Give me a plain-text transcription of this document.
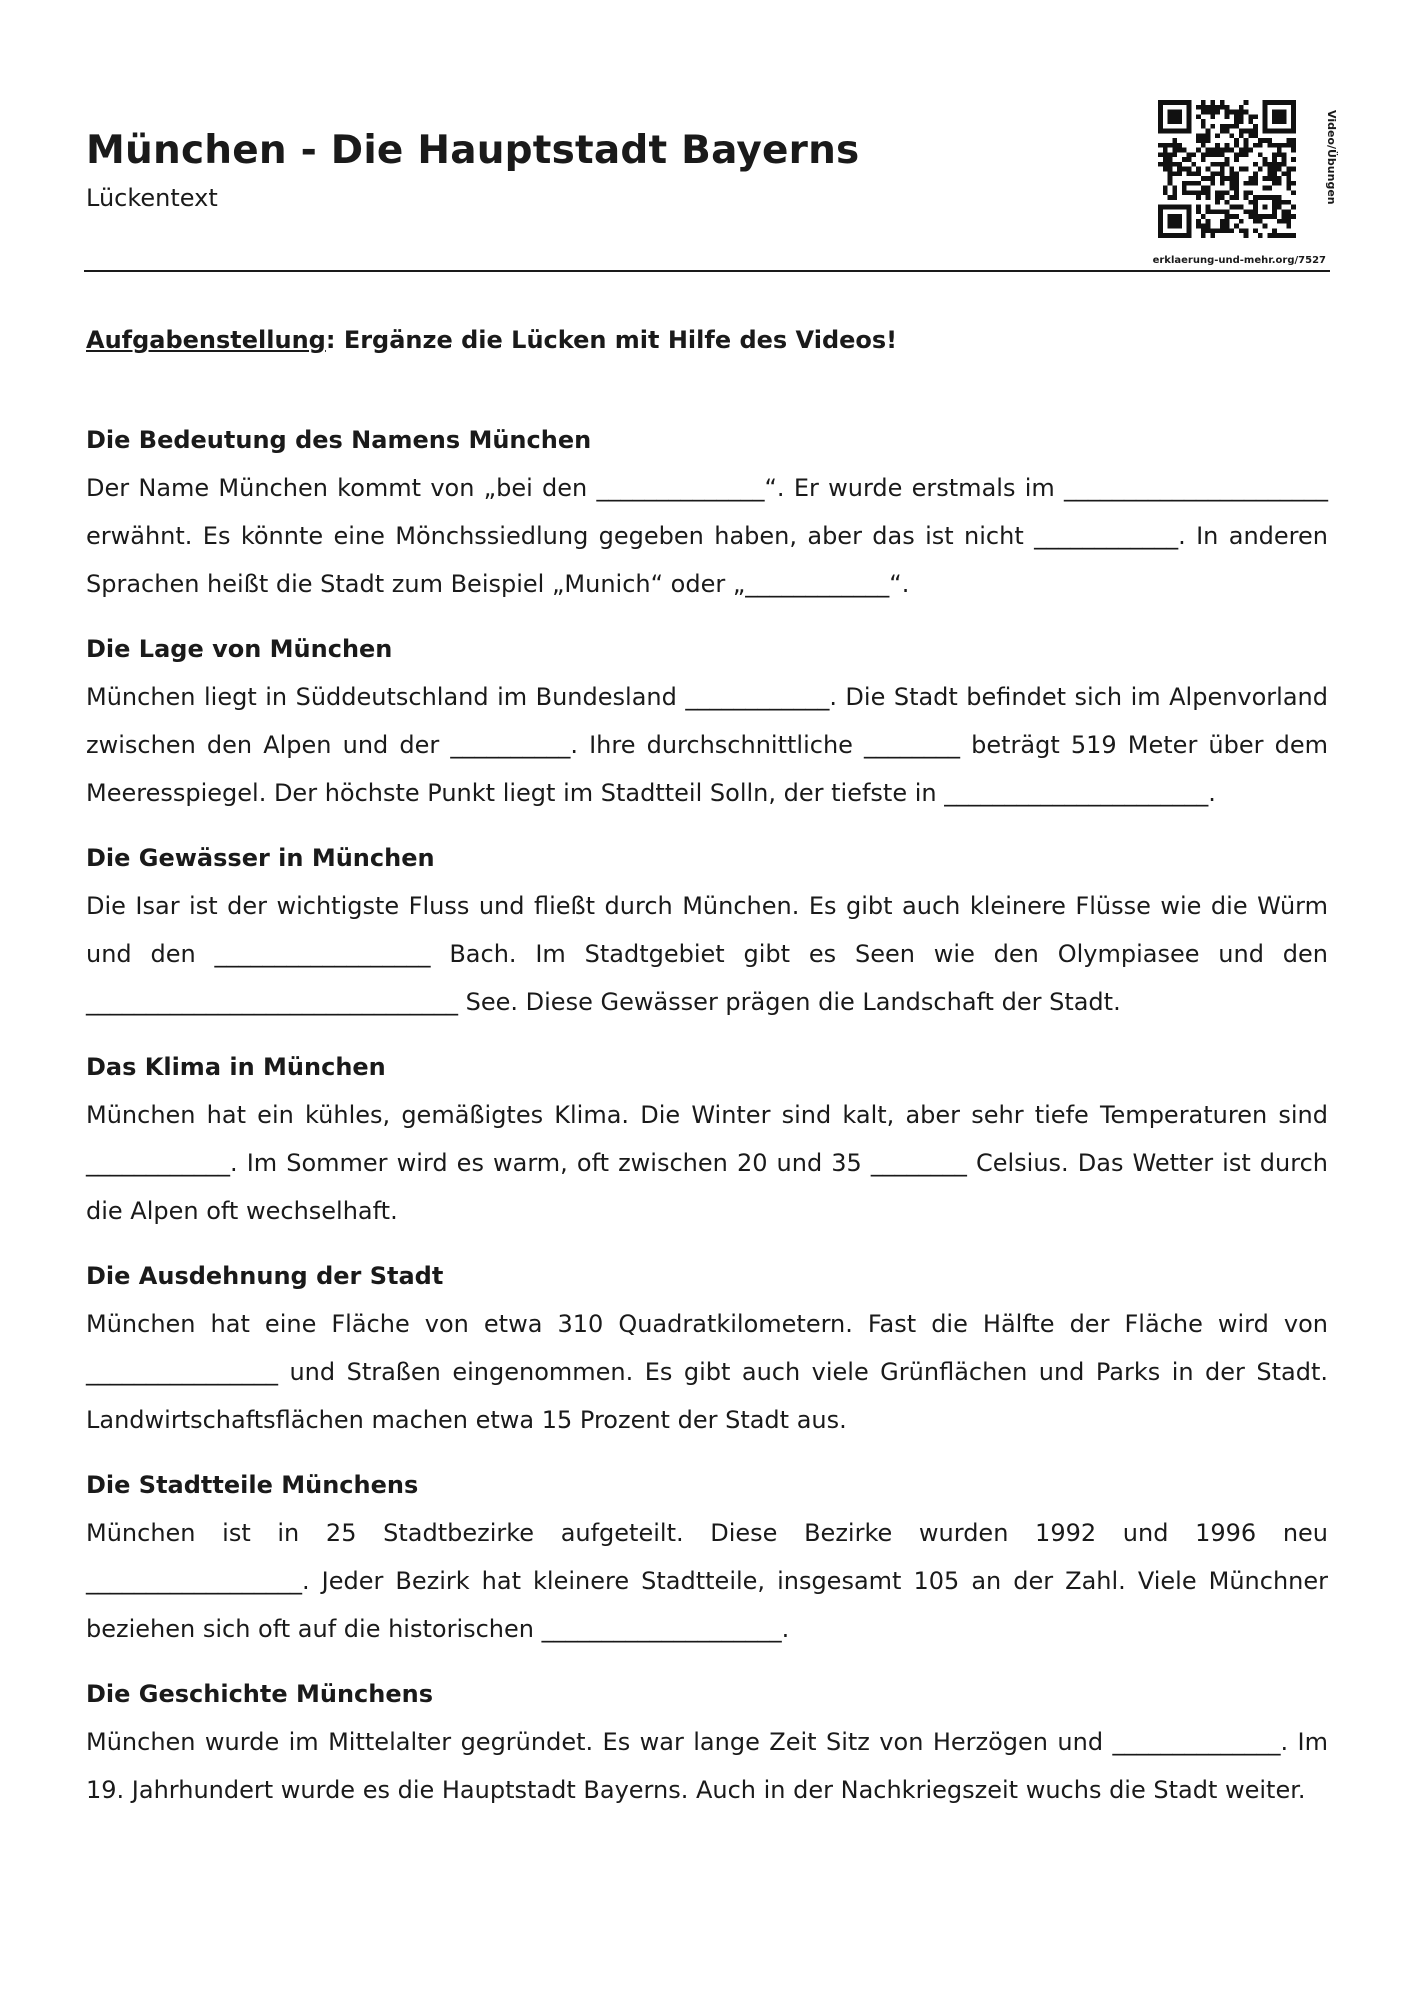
München - Die Hauptstadt Bayerns
Lückentext	Video/Übungen
erklaerung-und-mehr.org/7527
Aufgabenstellung: Ergänze die Lücken mit Hilfe des Videos!
Die Bedeutung des Namens München

Der Name München kommt von „bei den ______________“. Er wurde erstmals im ______________________ erwähnt. Es könnte eine Mönchssiedlung gegeben haben, aber das ist nicht ____________. In anderen Sprachen heißt die Stadt zum Beispiel „Munich“ oder „____________“.

Die Lage von München

München liegt in Süddeutschland im Bundesland ____________. Die Stadt befindet sich im Alpenvorland zwischen den Alpen und der __________. Ihre durchschnittliche ________ beträgt 519 Meter über dem Meeresspiegel. Der höchste Punkt liegt im Stadtteil Solln, der tiefste in ______________________.

Die Gewässer in München

Die Isar ist der wichtigste Fluss und fließt durch München. Es gibt auch kleinere Flüsse wie die Würm und den __________________ Bach. Im Stadtgebiet gibt es Seen wie den Olympiasee und den _______________________________ See. Diese Gewässer prägen die Landschaft der Stadt.

Das Klima in München

München hat ein kühles, gemäßigtes Klima. Die Winter sind kalt, aber sehr tiefe Temperaturen sind ____________. Im Sommer wird es warm, oft zwischen 20 und 35 ________ Celsius. Das Wetter ist durch die Alpen oft wechselhaft.

Die Ausdehnung der Stadt

München hat eine Fläche von etwa 310 Quadratkilometern. Fast die Hälfte der Fläche wird von ________________ und Straßen eingenommen. Es gibt auch viele Grünflächen und Parks in der Stadt. Landwirtschaftsflächen machen etwa 15 Prozent der Stadt aus.

Die Stadtteile Münchens

München ist in 25 Stadtbezirke aufgeteilt. Diese Bezirke wurden 1992 und 1996 neu __________________. Jeder Bezirk hat kleinere Stadtteile, insgesamt 105 an der Zahl. Viele Münchner beziehen sich oft auf die historischen ____________________.

Die Geschichte Münchens

München wurde im Mittelalter gegründet. Es war lange Zeit Sitz von Herzögen und ______________. Im 19. Jahrhundert wurde es die Hauptstadt Bayerns. Auch in der Nachkriegszeit wuchs die Stadt weiter.
